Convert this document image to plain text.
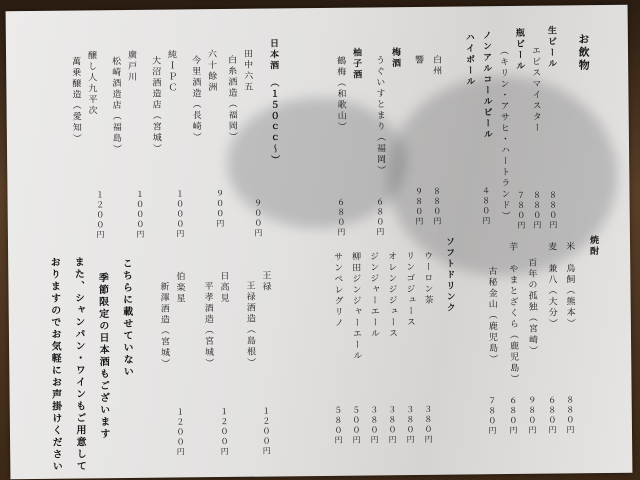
お飲物
生ビール
エビスマイスター
瓶ビール
（キリン・アサヒ・ハートランド）
ノンアルコールビール
ハイボール
白州
響
８８０円
８８０円
７８０円
４８０円
８８０円
９８０円
梅酒
うぐいすとまり（福岡）
柚子酒
鶴梅（和歌山）
６８０円
６８０円
日本酒　（１５０ｃｃ〜）
田中六五
白糸酒造（福岡）
六十餘洲
今里酒造（長崎）
純ＩＰＣ
大沼酒造店（宮城）
廣戸川
松崎酒造店（福島）
醸し人九平次
萬乗醸造（愛知）
９００円
９００円
１０００円
１０００円
１２００円
焼酎
米　鳥飼（熊本）
麦　兼八（大分）
百年の孤独（宮崎）
芋　やまとざくら（鹿児島）
古秘金山（鹿児島）
８８０円
６８０円
９８０円
６８０円
７８０円
ソフトドリンク
ウーロン茶
リンゴジュース
オレンジジュース
ジンジャーエール
柳田ジンジャーエール
サンペレグリノ
３８０円
３８０円
３８０円
３８０円
５００円
５８０円
王禄
王禄酒造（島根）
日高見
平孝酒造（宮城）
伯楽星
新澤酒造（宮城）
１２００円
１２００円
１２００円
こちらに載せていない
季節限定の日本酒もございます
また、シャンパン・ワインもご用意して
おりますのでお気軽にお声掛けください
